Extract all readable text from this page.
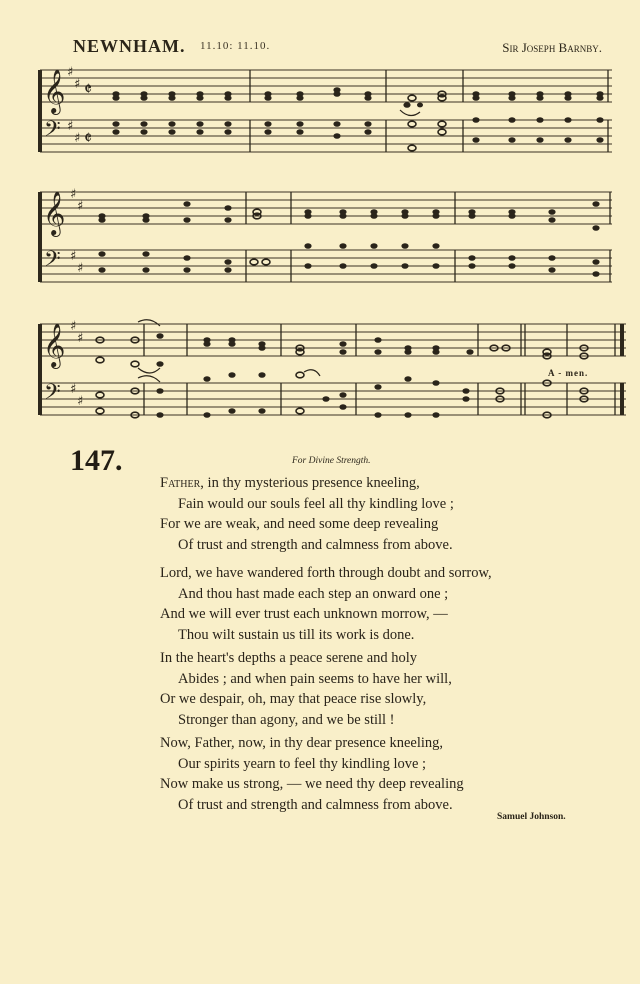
NEWNHAM. 11.10: 11.10.	Sir Joseph Barnby.
𝄞
𝄢
♯
♯
♯
♯
𝄵
𝄵
𝄞
𝄢
♯
♯
♯
♯
𝄞
𝄢
♯
♯
♯
♯
A - men.
147.	For Divine Strength.
Father, in thy mysterious presence kneeling,
Fain would our souls feel all thy kindling love ;
For we are weak, and need some deep revealing
Of trust and strength and calmness from above.
Lord, we have wandered forth through doubt and sorrow,
And thou hast made each step an onward one ;
And we will ever trust each unknown morrow, —
Thou wilt sustain us till its work is done.
In the heart's depths a peace serene and holy
Abides ; and when pain seems to have her will,
Or we despair, oh, may that peace rise slowly,
Stronger than agony, and we be still !
Now, Father, now, in thy dear presence kneeling,
Our spirits yearn to feel thy kindling love ;
Now make us strong, — we need thy deep revealing
Of trust and strength and calmness from above.
Samuel Johnson.
